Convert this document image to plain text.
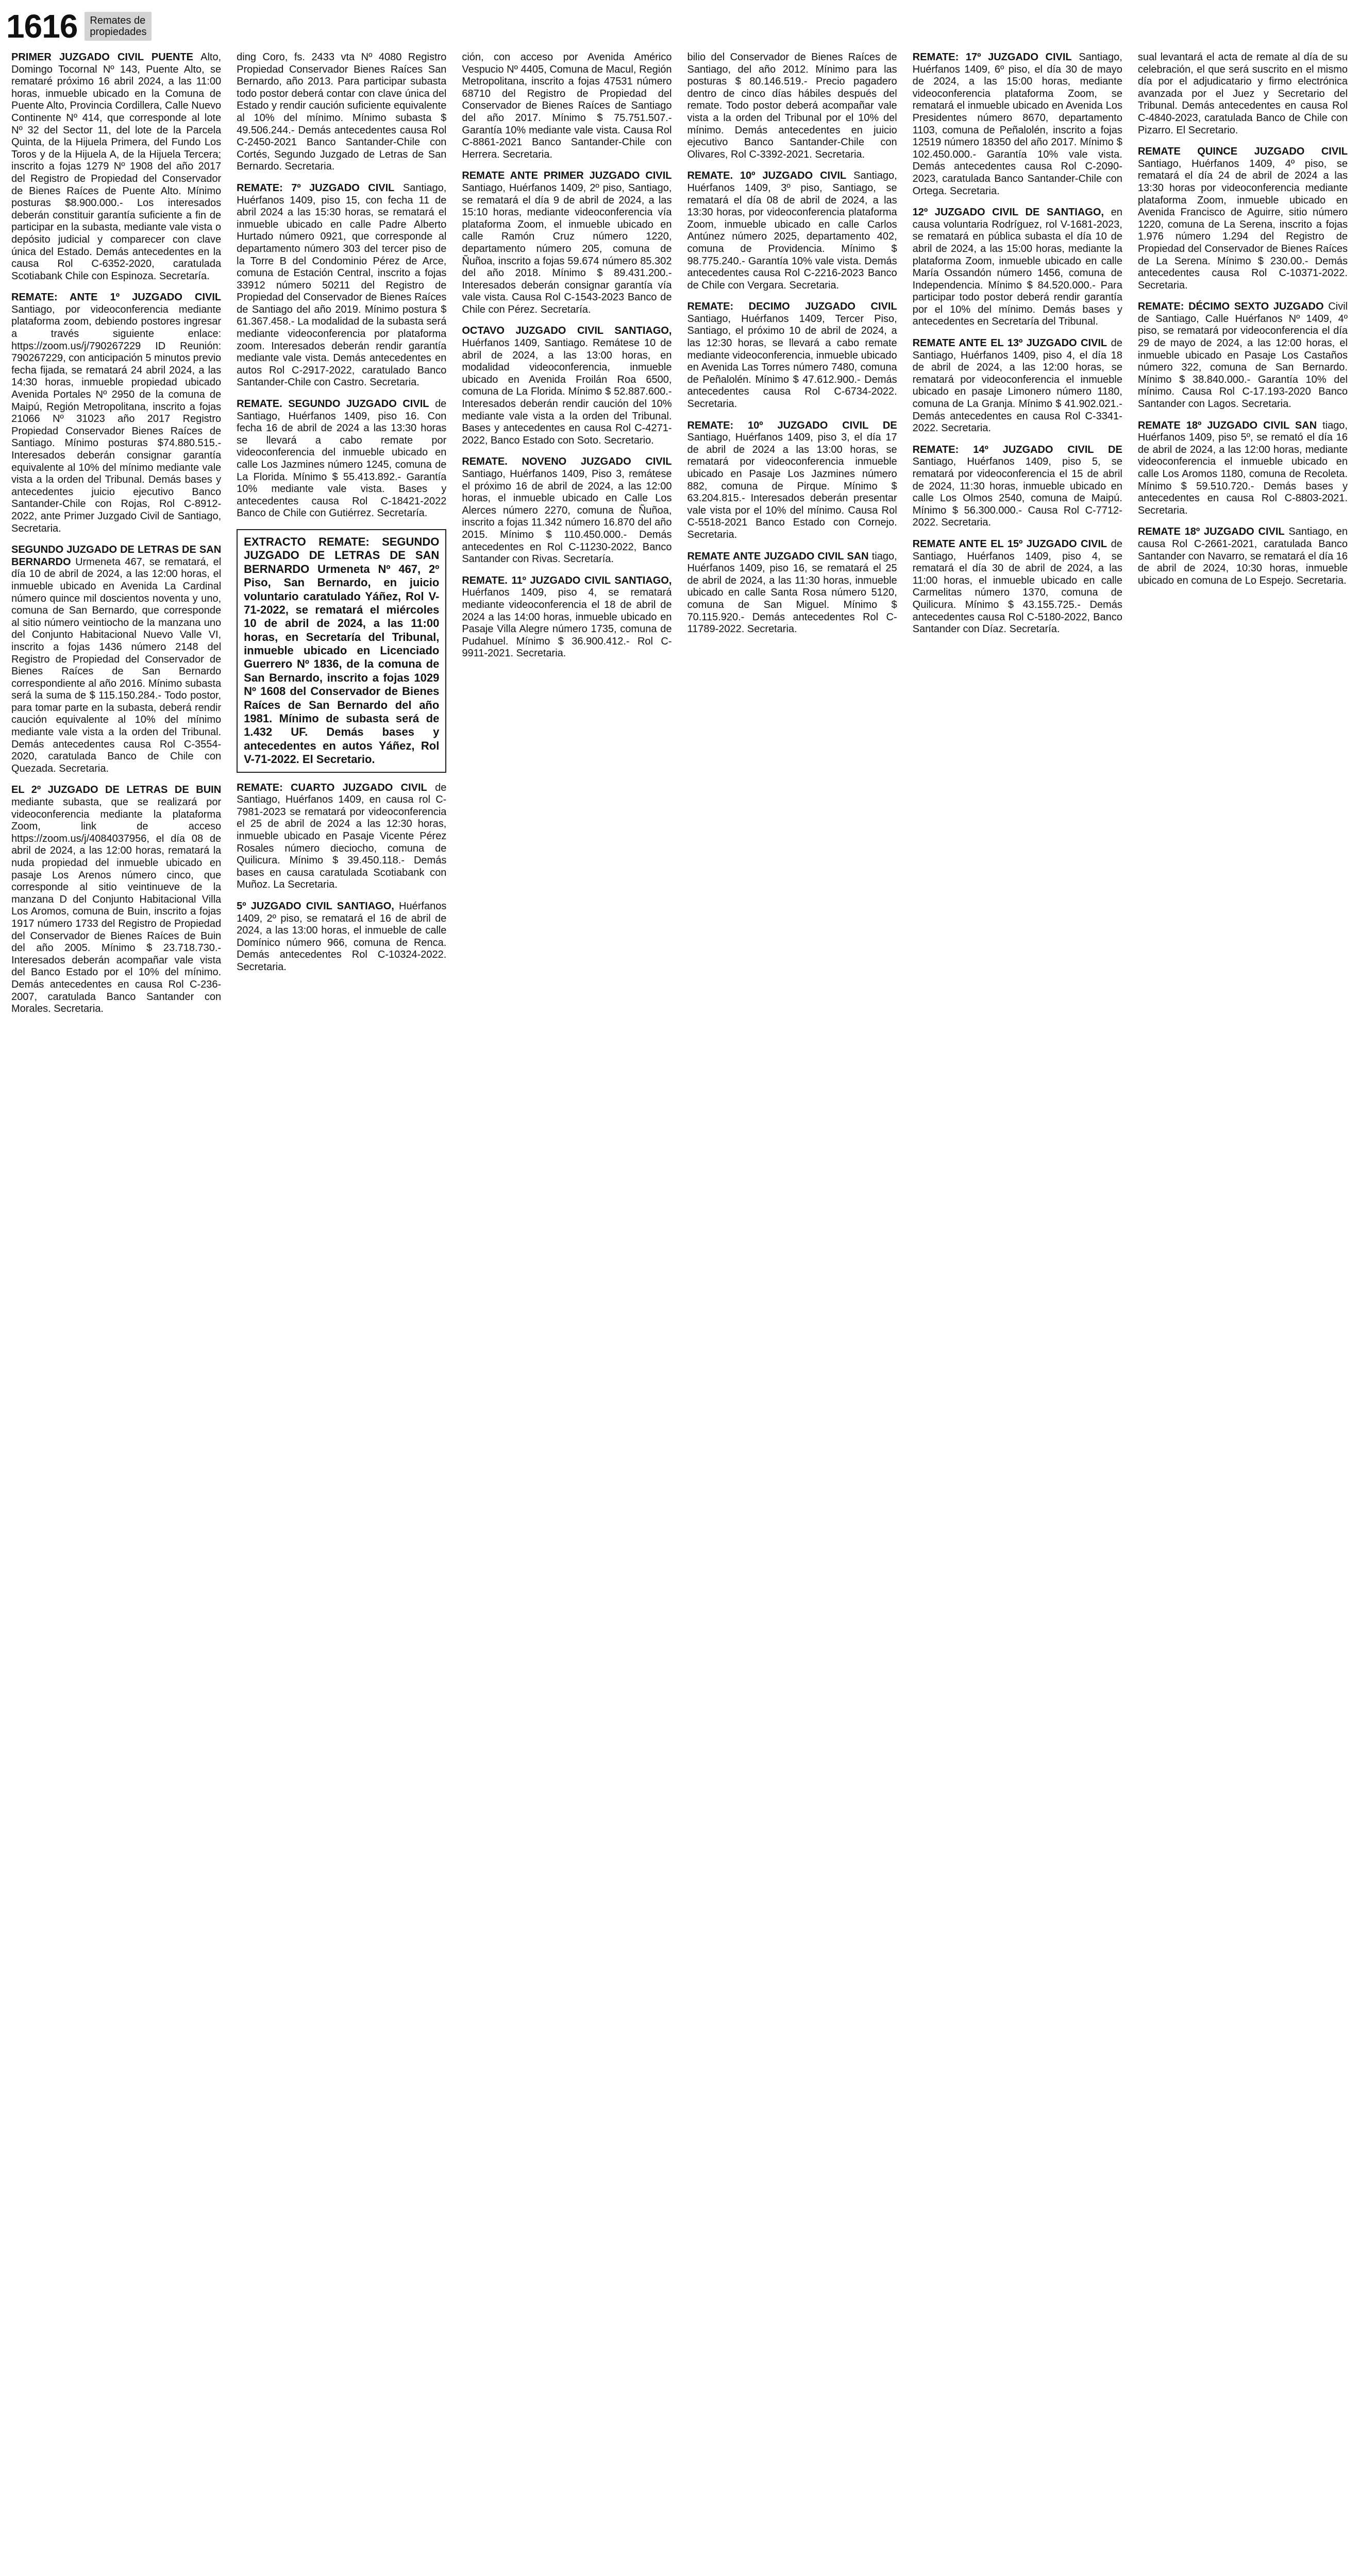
1616 Remates de
propiedades

PRIMER JUZGADO CIVIL PUENTE Alto, Domingo Tocornal Nº 143, Puente Alto, se remataré próximo 16 abril 2024, a las 11:00 horas, inmueble ubicado en la Comuna de Puente Alto, Provincia Cordillera, Calle Nuevo Continente Nº 414, que corresponde al lote Nº 32 del Sector 11, del lote de la Parcela Quinta, de la Hijuela Primera, del Fundo Los Toros y de la Hijuela A, de la Hijuela Tercera; inscrito a fojas 1279 Nº 1908 del año 2017 del Registro de Propiedad del Conservador de Bienes Raíces de Puente Alto. Mínimo posturas $8.900.000.- Los interesados deberán constituir garantía suficiente a fin de participar en la subasta, mediante vale vista o depósito judicial y comparecer con clave única del Estado. Demás antecedentes en la causa Rol C-6352-2020, caratulada Scotiabank Chile con Espinoza. Secretaría.

REMATE: ANTE 1º JUZGADO CIVIL Santiago, por videoconferencia mediante plataforma zoom, debiendo postores ingresar a través siguiente enlace: https://zoom.us/j/790267229 ID Reunión: 790267229, con anticipación 5 minutos previo fecha fijada, se rematará 24 abril 2024, a las 14:30 horas, inmueble propiedad ubicado Avenida Portales Nº 2950 de la comuna de Maipú, Región Metropolitana, inscrito a fojas 21066 Nº 31023 año 2017 Registro Propiedad Conservador Bienes Raíces de Santiago. Mínimo posturas $74.880.515.- Interesados deberán consignar garantía equivalente al 10% del mínimo mediante vale vista a la orden del Tribunal. Demás bases y antecedentes juicio ejecutivo Banco Santander-Chile con Rojas, Rol C-8912-2022, ante Primer Juzgado Civil de Santiago, Secretaria.

SEGUNDO JUZGADO DE LETRAS DE SAN BERNARDO Urmeneta 467, se rematará, el día 10 de abril de 2024, a las 12:00 horas, el inmueble ubicado en Avenida La Cardinal número quince mil doscientos noventa y uno, comuna de San Bernardo, que corresponde al sitio número veintiocho de la manzana uno del Conjunto Habitacional Nuevo Valle VI, inscrito a fojas 1436 número 2148 del Registro de Propiedad del Conservador de Bienes Raíces de San Bernardo correspondiente al año 2016. Mínimo subasta será la suma de $ 115.150.284.- Todo postor, para tomar parte en la subasta, deberá rendir caución equivalente al 10% del mínimo mediante vale vista a la orden del Tribunal. Demás antecedentes causa Rol C-3554-2020, caratulada Banco de Chile con Quezada. Secretaria.

EL 2º JUZGADO DE LETRAS DE BUIN mediante subasta, que se realizará por videoconferencia mediante la plataforma Zoom, link de acceso https://zoom.us/j/4084037956, el día 08 de abril de 2024, a las 12:00 horas, rematará la nuda propiedad del inmueble ubicado en pasaje Los Arenos número cinco, que corresponde al sitio veintinueve de la manzana D del Conjunto Habitacional Villa Los Aromos, comuna de Buin, inscrito a fojas 1917 número 1733 del Registro de Propiedad del Conservador de Bienes Raíces de Buin del año 2005. Mínimo $ 23.718.730.- Interesados deberán acompañar vale vista del Banco Estado por el 10% del mínimo. Demás antecedentes en causa Rol C-236-2007, caratulada Banco Santander con Morales. Secretaria.

ding Coro, fs. 2433 vta Nº 4080 Registro Propiedad Conservador Bienes Raíces San Bernardo, año 2013. Para participar subasta todo postor deberá contar con clave única del Estado y rendir caución suficiente equivalente al 10% del mínimo. Mínimo subasta $ 49.506.244.- Demás antecedentes causa Rol C-2450-2021 Banco Santander-Chile con Cortés, Segundo Juzgado de Letras de San Bernardo. Secretaria.

REMATE: 7º JUZGADO CIVIL Santiago, Huérfanos 1409, piso 15, con fecha 11 de abril 2024 a las 15:30 horas, se rematará el inmueble ubicado en calle Padre Alberto Hurtado número 0921, que corresponde al departamento número 303 del tercer piso de la Torre B del Condominio Pérez de Arce, comuna de Estación Central, inscrito a fojas 33912 número 50211 del Registro de Propiedad del Conservador de Bienes Raíces de Santiago del año 2019. Mínimo postura $ 61.367.458.- La modalidad de la subasta será mediante videoconferencia por plataforma zoom. Interesados deberán rendir garantía mediante vale vista. Demás antecedentes en autos Rol C-2917-2022, caratulado Banco Santander-Chile con Castro. Secretaria.

REMATE. SEGUNDO JUZGADO CIVIL de Santiago, Huérfanos 1409, piso 16. Con fecha 16 de abril de 2024 a las 13:30 horas se llevará a cabo remate por videoconferencia del inmueble ubicado en calle Los Jazmines número 1245, comuna de La Florida. Mínimo $ 55.413.892.- Garantía 10% mediante vale vista. Bases y antecedentes causa Rol C-18421-2022 Banco de Chile con Gutiérrez. Secretaría.

EXTRACTO REMATE: SEGUNDO JUZGADO DE LETRAS DE SAN BERNARDO Urmeneta Nº 467, 2º Piso, San Bernardo, en juicio voluntario caratulado Yáñez, Rol V-71-2022, se rematará el miércoles 10 de abril de 2024, a las 11:00 horas, en Secretaría del Tribunal, inmueble ubicado en Licenciado Guerrero Nº 1836, de la comuna de San Bernardo, inscrito a fojas 1029 Nº 1608 del Conservador de Bienes Raíces de San Bernardo del año 1981. Mínimo de subasta será de 1.432 UF. Demás bases y antecedentes en autos Yáñez, Rol V-71-2022. El Secretario.

REMATE: CUARTO JUZGADO CIVIL de Santiago, Huérfanos 1409, en causa rol C-7981-2023 se rematará por videoconferencia el 25 de abril de 2024 a las 12:30 horas, inmueble ubicado en Pasaje Vicente Pérez Rosales número dieciocho, comuna de Quilicura. Mínimo $ 39.450.118.- Demás bases en causa caratulada Scotiabank con Muñoz. La Secretaria.

5º JUZGADO CIVIL SANTIAGO, Huérfanos 1409, 2º piso, se rematará el 16 de abril de 2024, a las 13:00 horas, el inmueble de calle Domínico número 966, comuna de Renca. Demás antecedentes Rol C-10324-2022. Secretaria.

ción, con acceso por Avenida Américo Vespucio Nº 4405, Comuna de Macul, Región Metropolitana, inscrito a fojas 47531 número 68710 del Registro de Propiedad del Conservador de Bienes Raíces de Santiago del año 2017. Mínimo $ 75.751.507.- Garantía 10% mediante vale vista. Causa Rol C-8861-2021 Banco Santander-Chile con Herrera. Secretaria.

REMATE ANTE PRIMER JUZGADO CIVIL Santiago, Huérfanos 1409, 2º piso, Santiago, se rematará el día 9 de abril de 2024, a las 15:10 horas, mediante videoconferencia vía plataforma Zoom, el inmueble ubicado en calle Ramón Cruz número 1220, departamento número 205, comuna de Ñuñoa, inscrito a fojas 59.674 número 85.302 del año 2018. Mínimo $ 89.431.200.- Interesados deberán consignar garantía vía vale vista. Causa Rol C-1543-2023 Banco de Chile con Pérez. Secretaría.

OCTAVO JUZGADO CIVIL SANTIAGO, Huérfanos 1409, Santiago. Remátese 10 de abril de 2024, a las 13:00 horas, en modalidad videoconferencia, inmueble ubicado en Avenida Froilán Roa 6500, comuna de La Florida. Mínimo $ 52.887.600.- Interesados deberán rendir caución del 10% mediante vale vista a la orden del Tribunal. Bases y antecedentes en causa Rol C-4271-2022, Banco Estado con Soto. Secretario.

REMATE. NOVENO JUZGADO CIVIL Santiago, Huérfanos 1409, Piso 3, remátese el próximo 16 de abril de 2024, a las 12:00 horas, el inmueble ubicado en Calle Los Alerces número 2270, comuna de Ñuñoa, inscrito a fojas 11.342 número 16.870 del año 2015. Mínimo $ 110.450.000.- Demás antecedentes en Rol C-11230-2022, Banco Santander con Rivas. Secretaría.

REMATE. 11º JUZGADO CIVIL SANTIAGO, Huérfanos 1409, piso 4, se rematará mediante videoconferencia el 18 de abril de 2024 a las 14:00 horas, inmueble ubicado en Pasaje Villa Alegre número 1735, comuna de Pudahuel. Mínimo $ 36.900.412.- Rol C-9911-2021. Secretaria.

bilio del Conservador de Bienes Raíces de Santiago, del año 2012. Mínimo para las posturas $ 80.146.519.- Precio pagadero dentro de cinco días hábiles después del remate. Todo postor deberá acompañar vale vista a la orden del Tribunal por el 10% del mínimo. Demás antecedentes en juicio ejecutivo Banco Santander-Chile con Olivares, Rol C-3392-2021. Secretaria.

REMATE. 10º JUZGADO CIVIL Santiago, Huérfanos 1409, 3º piso, Santiago, se rematará el día 08 de abril de 2024, a las 13:30 horas, por videoconferencia plataforma Zoom, inmueble ubicado en calle Carlos Antúnez número 2025, departamento 402, comuna de Providencia. Mínimo $ 98.775.240.- Garantía 10% vale vista. Demás antecedentes causa Rol C-2216-2023 Banco de Chile con Vergara. Secretaria.

REMATE: DECIMO JUZGADO CIVIL Santiago, Huérfanos 1409, Tercer Piso, Santiago, el próximo 10 de abril de 2024, a las 12:30 horas, se llevará a cabo remate mediante videoconferencia, inmueble ubicado en Avenida Las Torres número 7480, comuna de Peñalolén. Mínimo $ 47.612.900.- Demás antecedentes causa Rol C-6734-2022. Secretaria.

REMATE: 10º JUZGADO CIVIL DE Santiago, Huérfanos 1409, piso 3, el día 17 de abril de 2024 a las 13:00 horas, se rematará por videoconferencia inmueble ubicado en Pasaje Los Jazmines número 882, comuna de Pirque. Mínimo $ 63.204.815.- Interesados deberán presentar vale vista por el 10% del mínimo. Causa Rol C-5518-2021 Banco Estado con Cornejo. Secretaria.

REMATE ANTE JUZGADO CIVIL SAN tiago, Huérfanos 1409, piso 16, se rematará el 25 de abril de 2024, a las 11:30 horas, inmueble ubicado en calle Santa Rosa número 5120, comuna de San Miguel. Mínimo $ 70.115.920.- Demás antecedentes Rol C-11789-2022. Secretaria.

REMATE: 17º JUZGADO CIVIL Santiago, Huérfanos 1409, 6º piso, el día 30 de mayo de 2024, a las 15:00 horas, mediante videoconferencia plataforma Zoom, se rematará el inmueble ubicado en Avenida Los Presidentes número 8670, departamento 1103, comuna de Peñalolén, inscrito a fojas 12519 número 18350 del año 2017. Mínimo $ 102.450.000.- Garantía 10% vale vista. Demás antecedentes causa Rol C-2090-2023, caratulada Banco Santander-Chile con Ortega. Secretaria.

12º JUZGADO CIVIL DE SANTIAGO, en causa voluntaria Rodríguez, rol V-1681-2023, se rematará en pública subasta el día 10 de abril de 2024, a las 15:00 horas, mediante la plataforma Zoom, inmueble ubicado en calle María Ossandón número 1456, comuna de Independencia. Mínimo $ 84.520.000.- Para participar todo postor deberá rendir garantía por el 10% del mínimo. Demás bases y antecedentes en Secretaría del Tribunal.

REMATE ANTE EL 13º JUZGADO CIVIL de Santiago, Huérfanos 1409, piso 4, el día 18 de abril de 2024, a las 12:00 horas, se rematará por videoconferencia el inmueble ubicado en pasaje Limonero número 1180, comuna de La Granja. Mínimo $ 41.902.021.- Demás antecedentes en causa Rol C-3341-2022. Secretaria.

REMATE: 14º JUZGADO CIVIL DE Santiago, Huérfanos 1409, piso 5, se rematará por videoconferencia el 15 de abril de 2024, 11:30 horas, inmueble ubicado en calle Los Olmos 2540, comuna de Maipú. Mínimo $ 56.300.000.- Causa Rol C-7712-2022. Secretaria.

REMATE ANTE EL 15º JUZGADO CIVIL de Santiago, Huérfanos 1409, piso 4, se rematará el día 30 de abril de 2024, a las 11:00 horas, el inmueble ubicado en calle Carmelitas número 1370, comuna de Quilicura. Mínimo $ 43.155.725.- Demás antecedentes causa Rol C-5180-2022, Banco Santander con Díaz. Secretaría.

sual levantará el acta de remate al día de su celebración, el que será suscrito en el mismo día por el adjudicatario y firmo electrónica avanzada por el Juez y Secretario del Tribunal. Demás antecedentes en causa Rol C-4840-2023, caratulada Banco de Chile con Pizarro. El Secretario.

REMATE QUINCE JUZGADO CIVIL Santiago, Huérfanos 1409, 4º piso, se rematará el día 24 de abril de 2024 a las 13:30 horas por videoconferencia mediante plataforma Zoom, inmueble ubicado en Avenida Francisco de Aguirre, sitio número 1220, comuna de La Serena, inscrito a fojas 1.976 número 1.294 del Registro de Propiedad del Conservador de Bienes Raíces de La Serena. Mínimo $ 230.00.- Demás antecedentes causa Rol C-10371-2022. Secretaria.

REMATE: DÉCIMO SEXTO JUZGADO Civil de Santiago, Calle Huérfanos Nº 1409, 4º piso, se rematará por videoconferencia el día 29 de mayo de 2024, a las 12:00 horas, el inmueble ubicado en Pasaje Los Castaños número 322, comuna de San Bernardo. Mínimo $ 38.840.000.- Garantía 10% del mínimo. Causa Rol C-17.193-2020 Banco Santander con Lagos. Secretaria.

REMATE 18º JUZGADO CIVIL SAN tiago, Huérfanos 1409, piso 5º, se remató el día 16 de abril de 2024, a las 12:00 horas, mediante videoconferencia el inmueble ubicado en calle Los Aromos 1180, comuna de Recoleta. Mínimo $ 59.510.720.- Demás bases y antecedentes en causa Rol C-8803-2021. Secretaria.

REMATE 18º JUZGADO CIVIL Santiago, en causa Rol C-2661-2021, caratulada Banco Santander con Navarro, se rematará el día 16 de abril de 2024, 10:30 horas, inmueble ubicado en comuna de Lo Espejo. Secretaria.
